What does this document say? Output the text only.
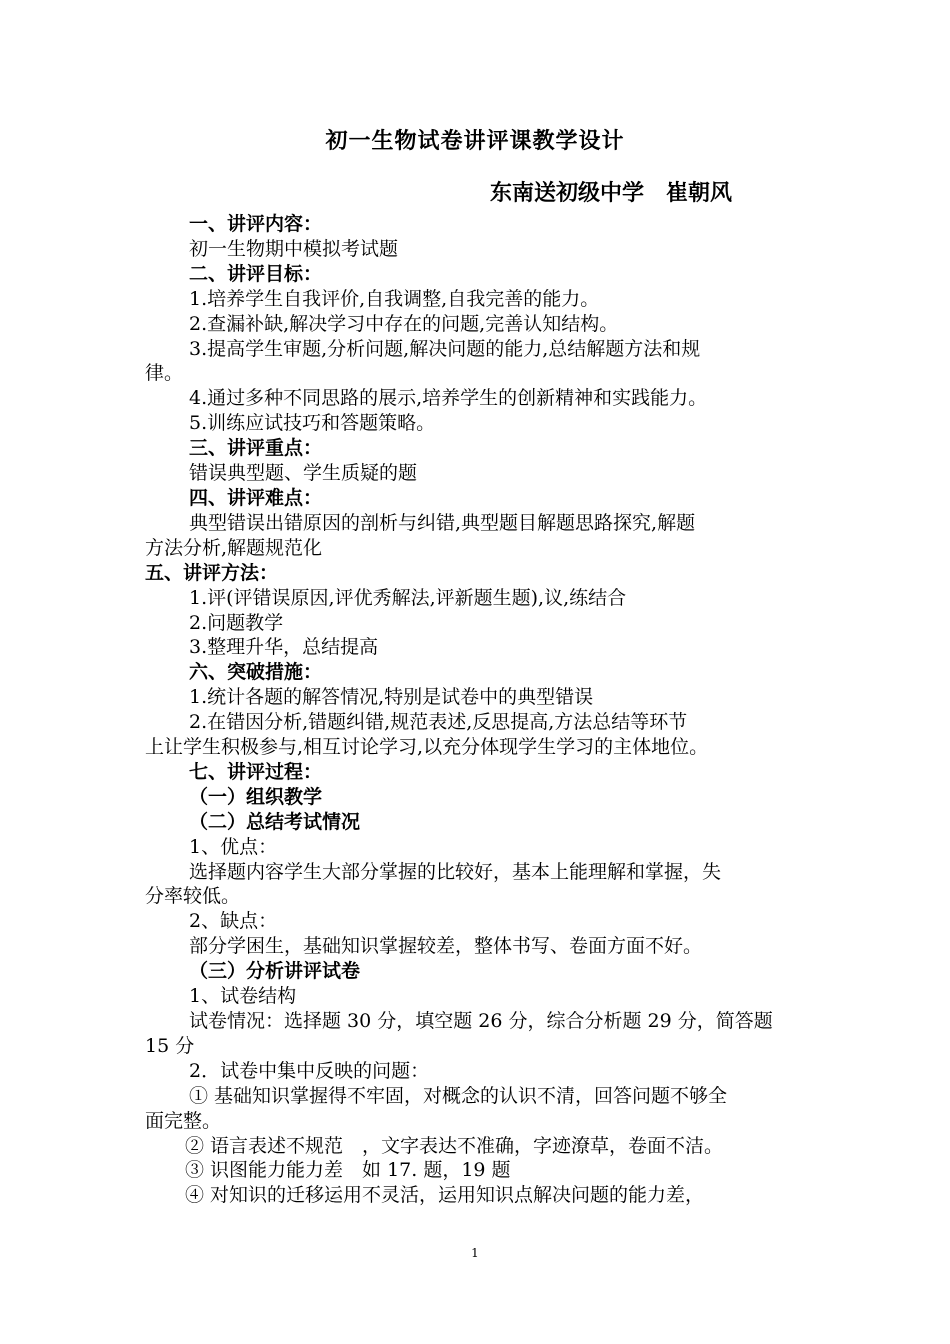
初一生物试卷讲评课教学设计
东南送初级中学　崔朝风
一、讲评内容：
初一生物期中模拟考试题
二、讲评目标：
1.培养学生自我评价,自我调整,自我完善的能力。
2.查漏补缺,解决学习中存在的问题,完善认知结构。
3.提高学生审题,分析问题,解决问题的能力,总结解题方法和规
律。
4.通过多种不同思路的展示,培养学生的创新精神和实践能力。
5.训练应试技巧和答题策略。
三、讲评重点：
错误典型题、学生质疑的题
四、讲评难点：
典型错误出错原因的剖析与纠错,典型题目解题思路探究,解题
方法分析,解题规范化
五、讲评方法：
1.评(评错误原因,评优秀解法,评新题生题),议,练结合
2.问题教学
3.整理升华，总结提高
六、突破措施：
1.统计各题的解答情况,特别是试卷中的典型错误
2.在错因分析,错题纠错,规范表述,反思提高,方法总结等环节
上让学生积极参与,相互讨论学习,以充分体现学生学习的主体地位。
七、讲评过程：
（一）组织教学
（二）总结考试情况
1、优点：
选择题内容学生大部分掌握的比较好，基本上能理解和掌握，失
分率较低。
2、缺点：
部分学困生，基础知识掌握较差，整体书写、卷面方面不好。
（三）分析讲评试卷
1、试卷结构
试卷情况：选择题 30 分，填空题 26 分，综合分析题 29 分，简答题
15 分
2．试卷中集中反映的问题：
① 基础知识掌握得不牢固，对概念的认识不清，回答问题不够全
面完整。
② 语言表述不规范　，文字表达不准确，字迹潦草，卷面不洁。
③ 识图能力能力差　如 17. 题，19 题
④ 对知识的迁移运用不灵活，运用知识点解决问题的能力差，
1
